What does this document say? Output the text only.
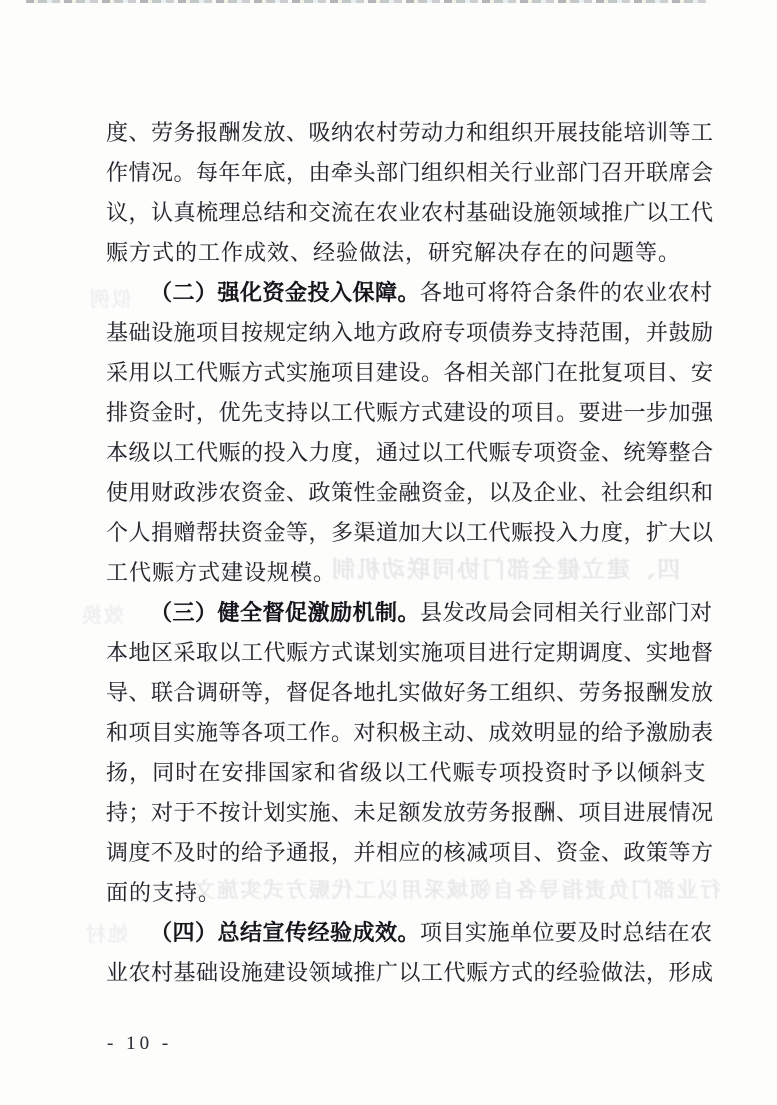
度、劳务报酬发放、吸纳农村劳动力和组织开展技能培训等工
作情况。每年年底，由牵头部门组织相关行业部门召开联席会
议，认真梳理总结和交流在农业农村基础设施领域推广以工代
赈方式的工作成效、经验做法，研究解决存在的问题等。
（二）强化资金投入保障。各地可将符合条件的农业农村
基础设施项目按规定纳入地方政府专项债券支持范围，并鼓励
采用以工代赈方式实施项目建设。各相关部门在批复项目、安
排资金时，优先支持以工代赈方式建设的项目。要进一步加强
本级以工代赈的投入力度，通过以工代赈专项资金、统筹整合
使用财政涉农资金、政策性金融资金，以及企业、社会组织和
个人捐赠帮扶资金等，多渠道加大以工代赈投入力度，扩大以
工代赈方式建设规模。
（三）健全督促激励机制。县发改局会同相关行业部门对
本地区采取以工代赈方式谋划实施项目进行定期调度、实地督
导、联合调研等，督促各地扎实做好务工组织、劳务报酬发放
和项目实施等各项工作。对积极主动、成效明显的给予激励表
扬，同时在安排国家和省级以工代赈专项投资时予以倾斜支
持；对于不按计划实施、未足额发放劳务报酬、项目进展情况
调度不及时的给予通报，并相应的核减项目、资金、政策等方
面的支持。
（四）总结宣传经验成效。项目实施单位要及时总结在农
业农村基础设施建设领域推广以工代赈方式的经验做法，形成
- 10 -
四、建立健全部门协同联动机制
行业部门负责指导各自领域采用以工代赈方式实施文
似例
效换
她村
